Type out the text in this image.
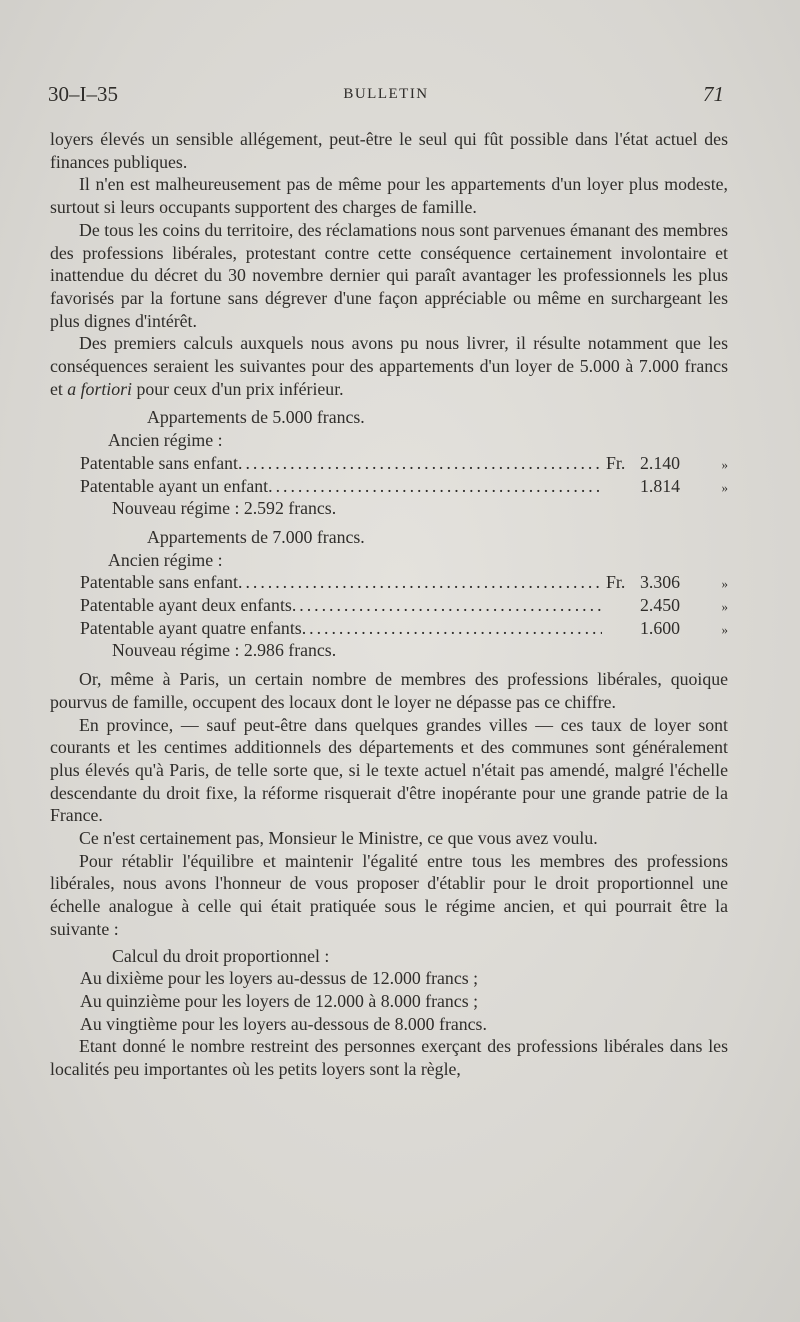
30–I–35	BULLETIN	71

loyers élevés un sensible allégement, peut-être le seul qui fût possible dans l'état actuel des finances publiques.

Il n'en est malheureusement pas de même pour les appartements d'un loyer plus modeste, surtout si leurs occupants supportent des charges de famille.

De tous les coins du territoire, des réclamations nous sont parvenues émanant des membres des professions libérales, protestant contre cette conséquence certainement involontaire et inattendue du décret du 30 novembre dernier qui paraît avantager les professionnels les plus favorisés par la fortune sans dégrever d'une façon appréciable ou même en surchargeant les plus dignes d'intérêt.

Des premiers calculs auxquels nous avons pu nous livrer, il résulte notamment que les conséquences seraient les suivantes pour des appartements d'un loyer de 5.000 à 7.000 francs et a fortiori pour ceux d'un prix inférieur.

Appartements de 5.000 francs.

Ancien régime :

Patentable sans enfant .....	Fr. 2.140	»
Patentable ayant un enfant .....	1.814	»

Nouveau régime : 2.592 francs.

Appartements de 7.000 francs.

Ancien régime :

Patentable sans enfant .....	Fr. 3.306	»
Patentable ayant deux enfants .....	2.450	»
Patentable ayant quatre enfants .....	1.600	»

Nouveau régime : 2.986 francs.

Or, même à Paris, un certain nombre de membres des professions libérales, quoique pourvus de famille, occupent des locaux dont le loyer ne dépasse pas ce chiffre.

En province, — sauf peut-être dans quelques grandes villes — ces taux de loyer sont courants et les centimes additionnels des départements et des communes sont généralement plus élevés qu'à Paris, de telle sorte que, si le texte actuel n'était pas amendé, malgré l'échelle descendante du droit fixe, la réforme risquerait d'être inopérante pour une grande patrie de la France.

Ce n'est certainement pas, Monsieur le Ministre, ce que vous avez voulu.

Pour rétablir l'équilibre et maintenir l'égalité entre tous les membres des professions libérales, nous avons l'honneur de vous proposer d'établir pour le droit proportionnel une échelle analogue à celle qui était pratiquée sous le régime ancien, et qui pourrait être la suivante :

Calcul du droit proportionnel :

Au dixième pour les loyers au-dessus de 12.000 francs ;

Au quinzième pour les loyers de 12.000 à 8.000 francs ;

Au vingtième pour les loyers au-dessous de 8.000 francs.

Etant donné le nombre restreint des personnes exerçant des professions libérales dans les localités peu importantes où les petits loyers sont la règle,
